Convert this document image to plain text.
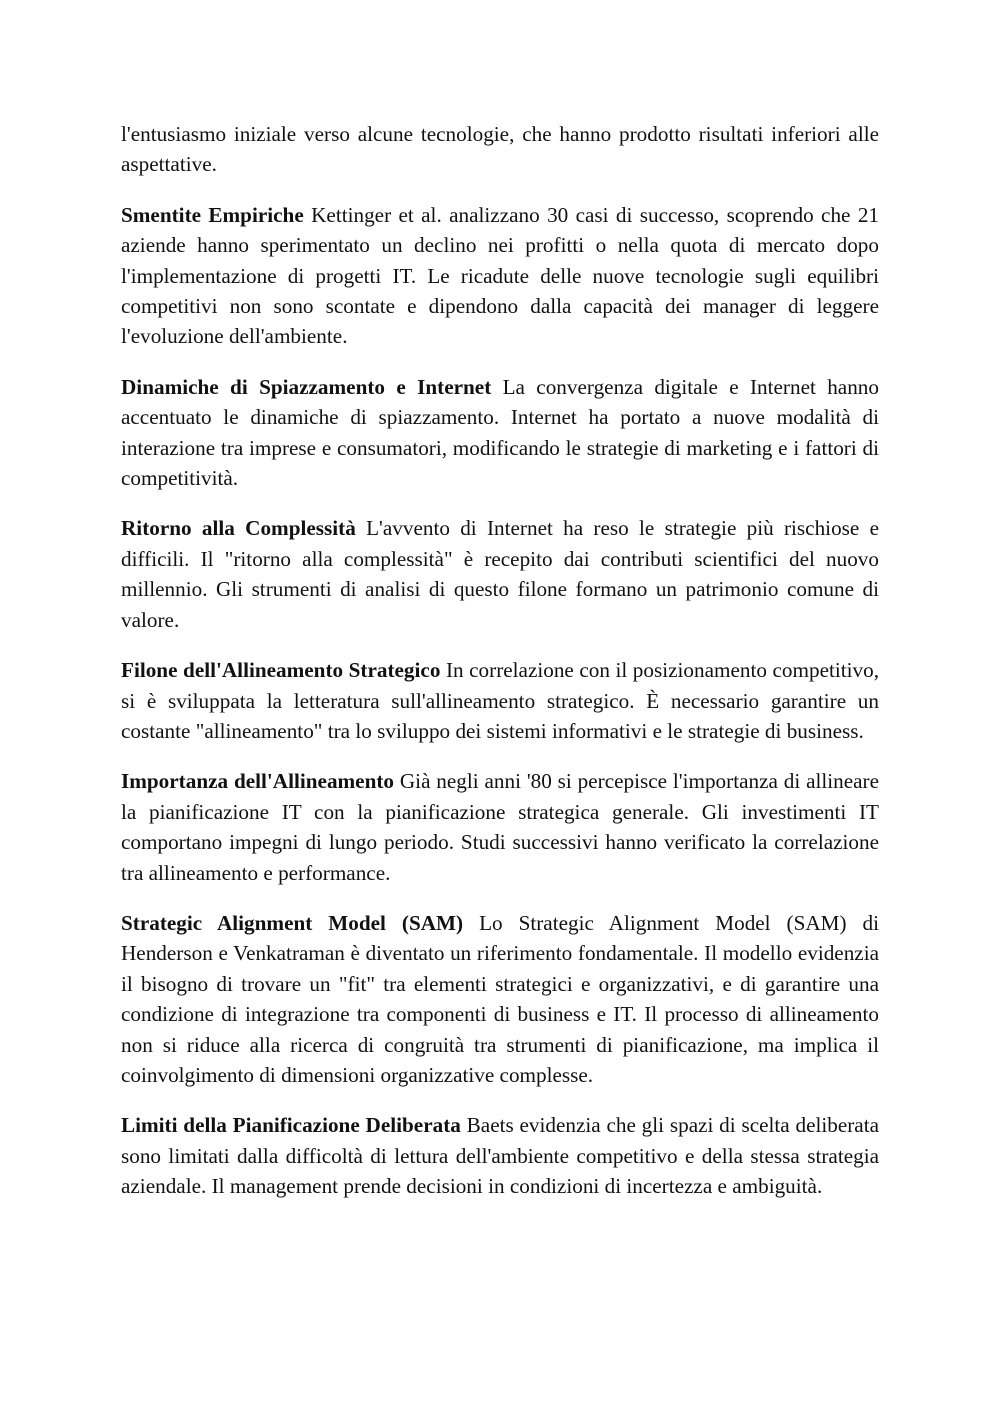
l'entusiasmo iniziale verso alcune tecnologie, che hanno prodotto risultati inferiori alle aspettative.

Smentite Empiriche Kettinger et al. analizzano 30 casi di successo, scoprendo che 21 aziende hanno sperimentato un declino nei profitti o nella quota di mercato dopo l'implementazione di progetti IT. Le ricadute delle nuove tecnologie sugli equilibri competitivi non sono scontate e dipendono dalla capacità dei manager di leggere l'evoluzione dell'ambiente.

Dinamiche di Spiazzamento e Internet La convergenza digitale e Internet hanno accentuato le dinamiche di spiazzamento. Internet ha portato a nuove modalità di interazione tra imprese e consumatori, modificando le strategie di marketing e i fattori di competitività.

Ritorno alla Complessità L'avvento di Internet ha reso le strategie più rischiose e difficili. Il "ritorno alla complessità" è recepito dai contributi scientifici del nuovo millennio. Gli strumenti di analisi di questo filone formano un patrimonio comune di valore.

Filone dell'Allineamento Strategico In correlazione con il posizionamento competitivo, si è sviluppata la letteratura sull'allineamento strategico. È necessario garantire un costante "allineamento" tra lo sviluppo dei sistemi informativi e le strategie di business.

Importanza dell'Allineamento Già negli anni '80 si percepisce l'importanza di allineare la pianificazione IT con la pianificazione strategica generale. Gli investimenti IT comportano impegni di lungo periodo. Studi successivi hanno verificato la correlazione tra allineamento e performance.

Strategic Alignment Model (SAM) Lo Strategic Alignment Model (SAM) di Henderson e Venkatraman è diventato un riferimento fondamentale. Il modello evidenzia il bisogno di trovare un "fit" tra elementi strategici e organizzativi, e di garantire una condizione di integrazione tra componenti di business e IT. Il processo di allineamento non si riduce alla ricerca di congruità tra strumenti di pianificazione, ma implica il coinvolgimento di dimensioni organizzative complesse.

Limiti della Pianificazione Deliberata Baets evidenzia che gli spazi di scelta deliberata sono limitati dalla difficoltà di lettura dell'ambiente competitivo e della stessa strategia aziendale. Il management prende decisioni in condizioni di incertezza e ambiguità.
